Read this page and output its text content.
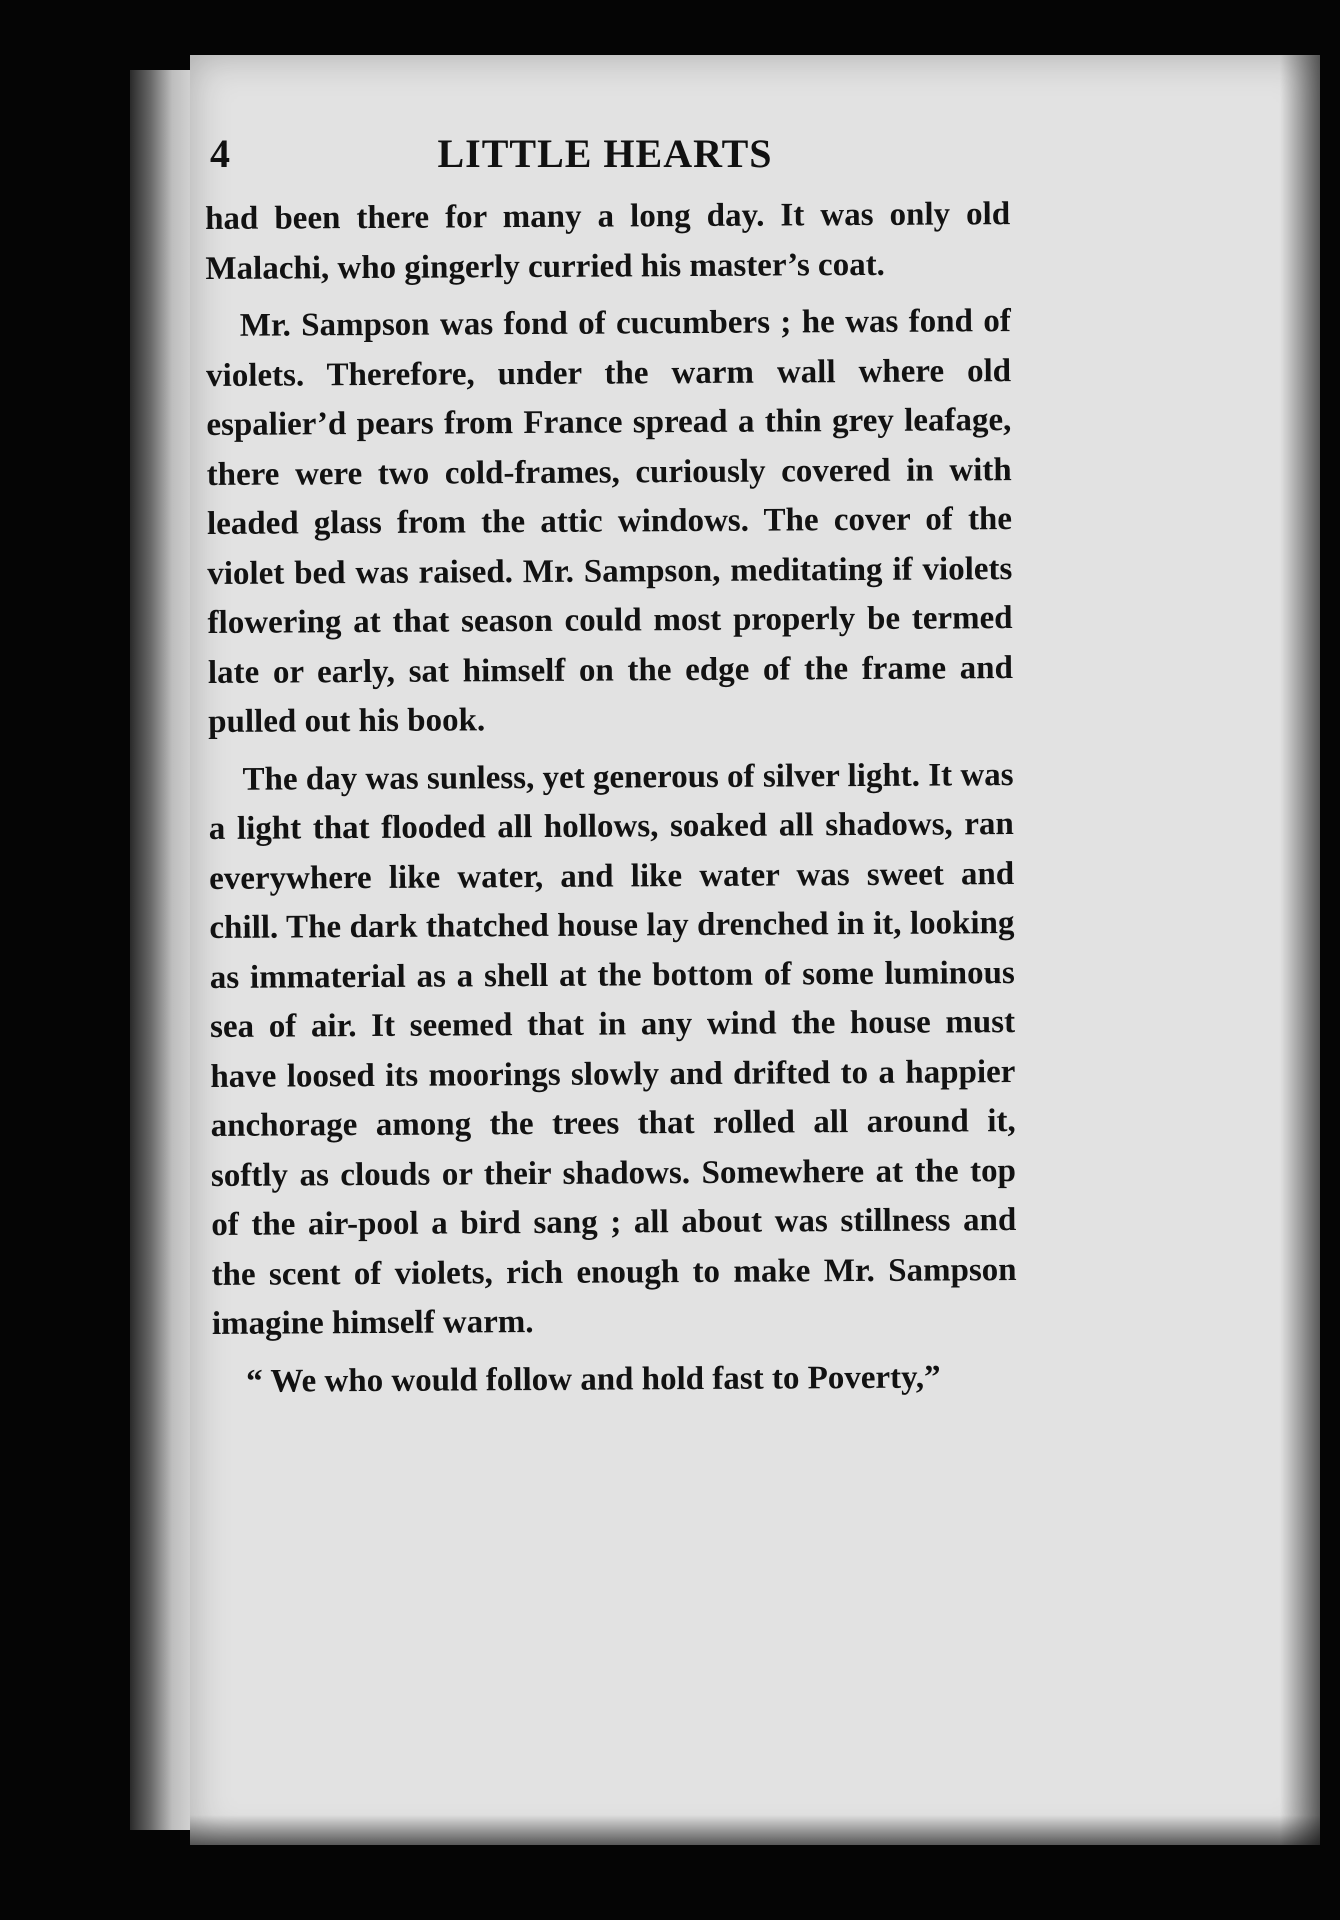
4	LITTLE HEARTS

had been there for many a long day. It was only old Malachi, who gingerly curried his master’s coat.

Mr. Sampson was fond of cucumbers ; he was fond of violets. Therefore, under the warm wall where old espalier’d pears from France spread a thin grey leafage, there were two cold-frames, curiously covered in with leaded glass from the attic windows. The cover of the violet bed was raised. Mr. Sampson, meditating if violets flowering at that season could most properly be termed late or early, sat himself on the edge of the frame and pulled out his book.

The day was sunless, yet generous of silver light. It was a light that flooded all hollows, soaked all shadows, ran everywhere like water, and like water was sweet and chill. The dark thatched house lay drenched in it, looking as immaterial as a shell at the bottom of some luminous sea of air. It seemed that in any wind the house must have loosed its moorings slowly and drifted to a happier anchorage among the trees that rolled all around it, softly as clouds or their shadows. Somewhere at the top of the air-pool a bird sang ; all about was stillness and the scent of violets, rich enough to make Mr. Sampson imagine himself warm.

“ We who would follow and hold fast to Poverty,”
